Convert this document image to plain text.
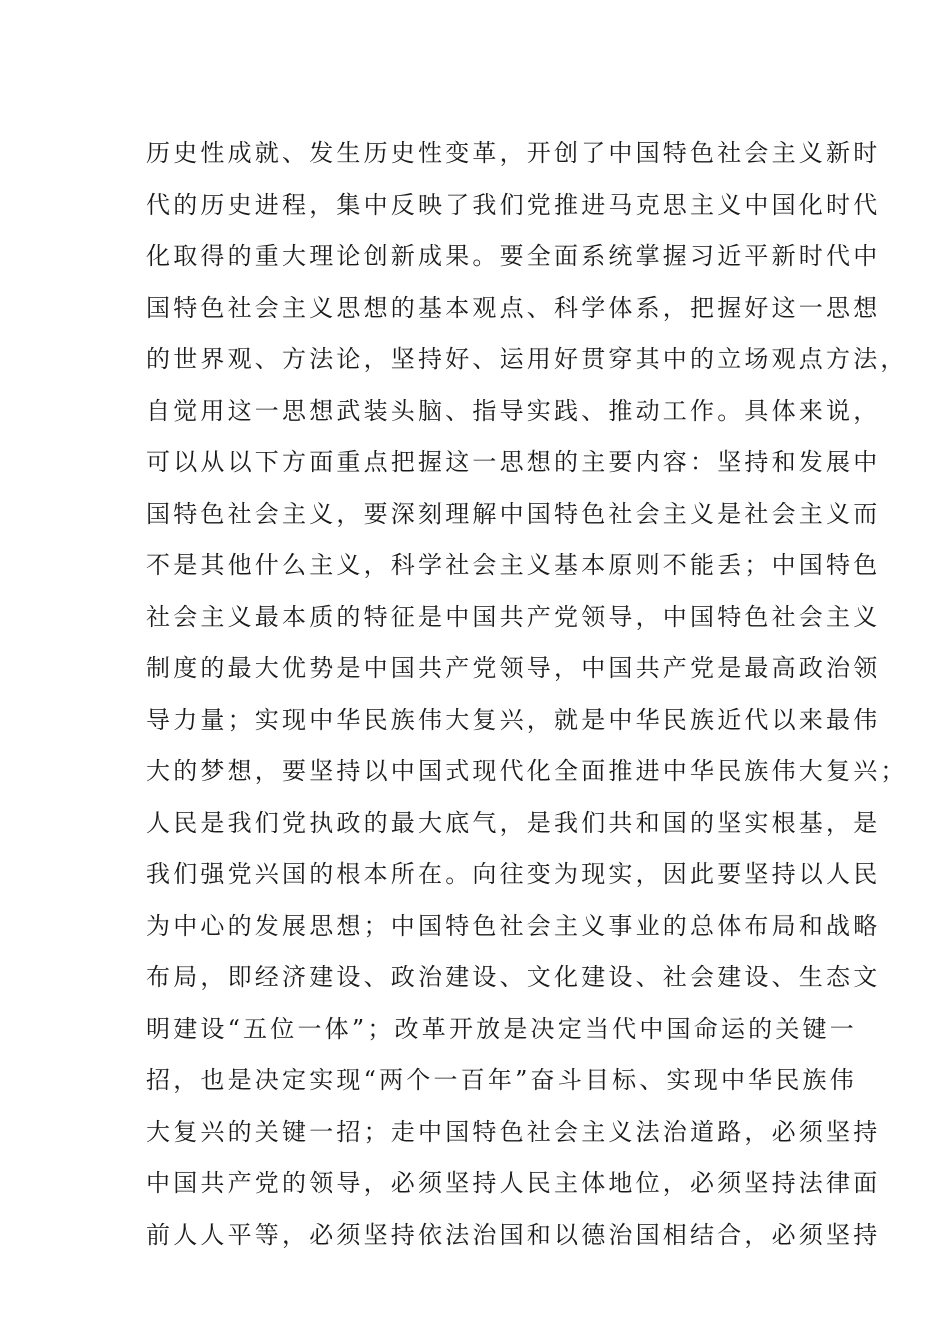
历史性成就、发生历史性变革，开创了中国特色社会主义新时
代的历史进程，集中反映了我们党推进马克思主义中国化时代
化取得的重大理论创新成果。要全面系统掌握习近平新时代中
国特色社会主义思想的基本观点、科学体系，把握好这一思想
的世界观、方法论，坚持好、运用好贯穿其中的立场观点方法，
自觉用这一思想武装头脑、指导实践、推动工作。具体来说，
可以从以下方面重点把握这一思想的主要内容：坚持和发展中
国特色社会主义，要深刻理解中国特色社会主义是社会主义而
不是其他什么主义，科学社会主义基本原则不能丢；中国特色
社会主义最本质的特征是中国共产党领导，中国特色社会主义
制度的最大优势是中国共产党领导，中国共产党是最高政治领
导力量；实现中华民族伟大复兴，就是中华民族近代以来最伟
大的梦想，要坚持以中国式现代化全面推进中华民族伟大复兴；
人民是我们党执政的最大底气，是我们共和国的坚实根基，是
我们强党兴国的根本所在。向往变为现实，因此要坚持以人民
为中心的发展思想；中国特色社会主义事业的总体布局和战略
布局，即经济建设、政治建设、文化建设、社会建设、生态文
明建设“五位一体”；改革开放是决定当代中国命运的关键一
招，也是决定实现“两个一百年”奋斗目标、实现中华民族伟
大复兴的关键一招；走中国特色社会主义法治道路，必须坚持
中国共产党的领导，必须坚持人民主体地位，必须坚持法律面
前人人平等，必须坚持依法治国和以德治国相结合，必须坚持
